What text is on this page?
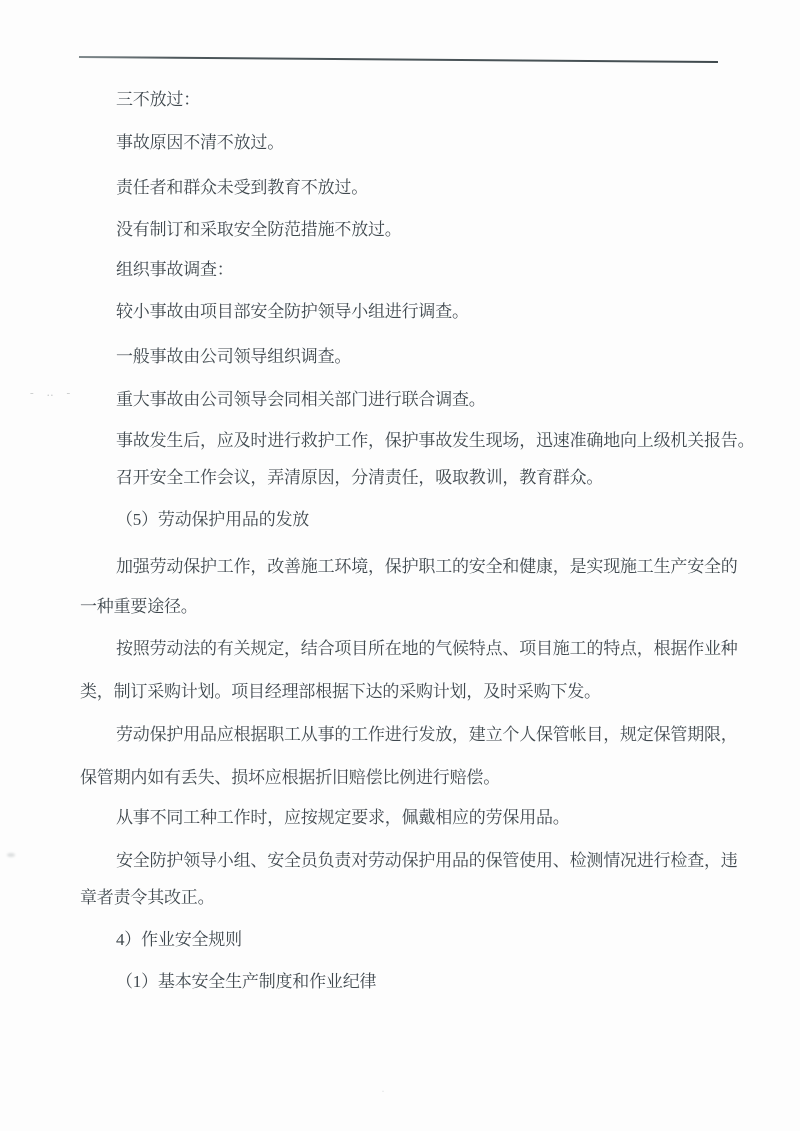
三不放过：
事故原因不清不放过。
责任者和群众未受到教育不放过。
没有制订和采取安全防范措施不放过。
组织事故调查：
较小事故由项目部安全防护领导小组进行调查。
一般事故由公司领导组织调查。
重大事故由公司领导会同相关部门进行联合调查。
事故发生后，应及时进行救护工作，保护事故发生现场，迅速准确地向上级机关报告。
召开安全工作会议，弄清原因，分清责任，吸取教训，教育群众。
（5）劳动保护用品的发放
加强劳动保护工作，改善施工环境，保护职工的安全和健康，是实现施工生产安全的
一种重要途径。
按照劳动法的有关规定，结合项目所在地的气候特点、项目施工的特点，根据作业种
类，制订采购计划。项目经理部根据下达的采购计划，及时采购下发。
劳动保护用品应根据职工从事的工作进行发放，建立个人保管帐目，规定保管期限，
保管期内如有丢失、损坏应根据折旧赔偿比例进行赔偿。
从事不同工种工作时，应按规定要求，佩戴相应的劳保用品。
安全防护领导小组、安全员负责对劳动保护用品的保管使用、检测情况进行检查，违
章者责令其改正。
4）作业安全规则
（1）基本安全生产制度和作业纪律
‐ ‥ ‐
·
